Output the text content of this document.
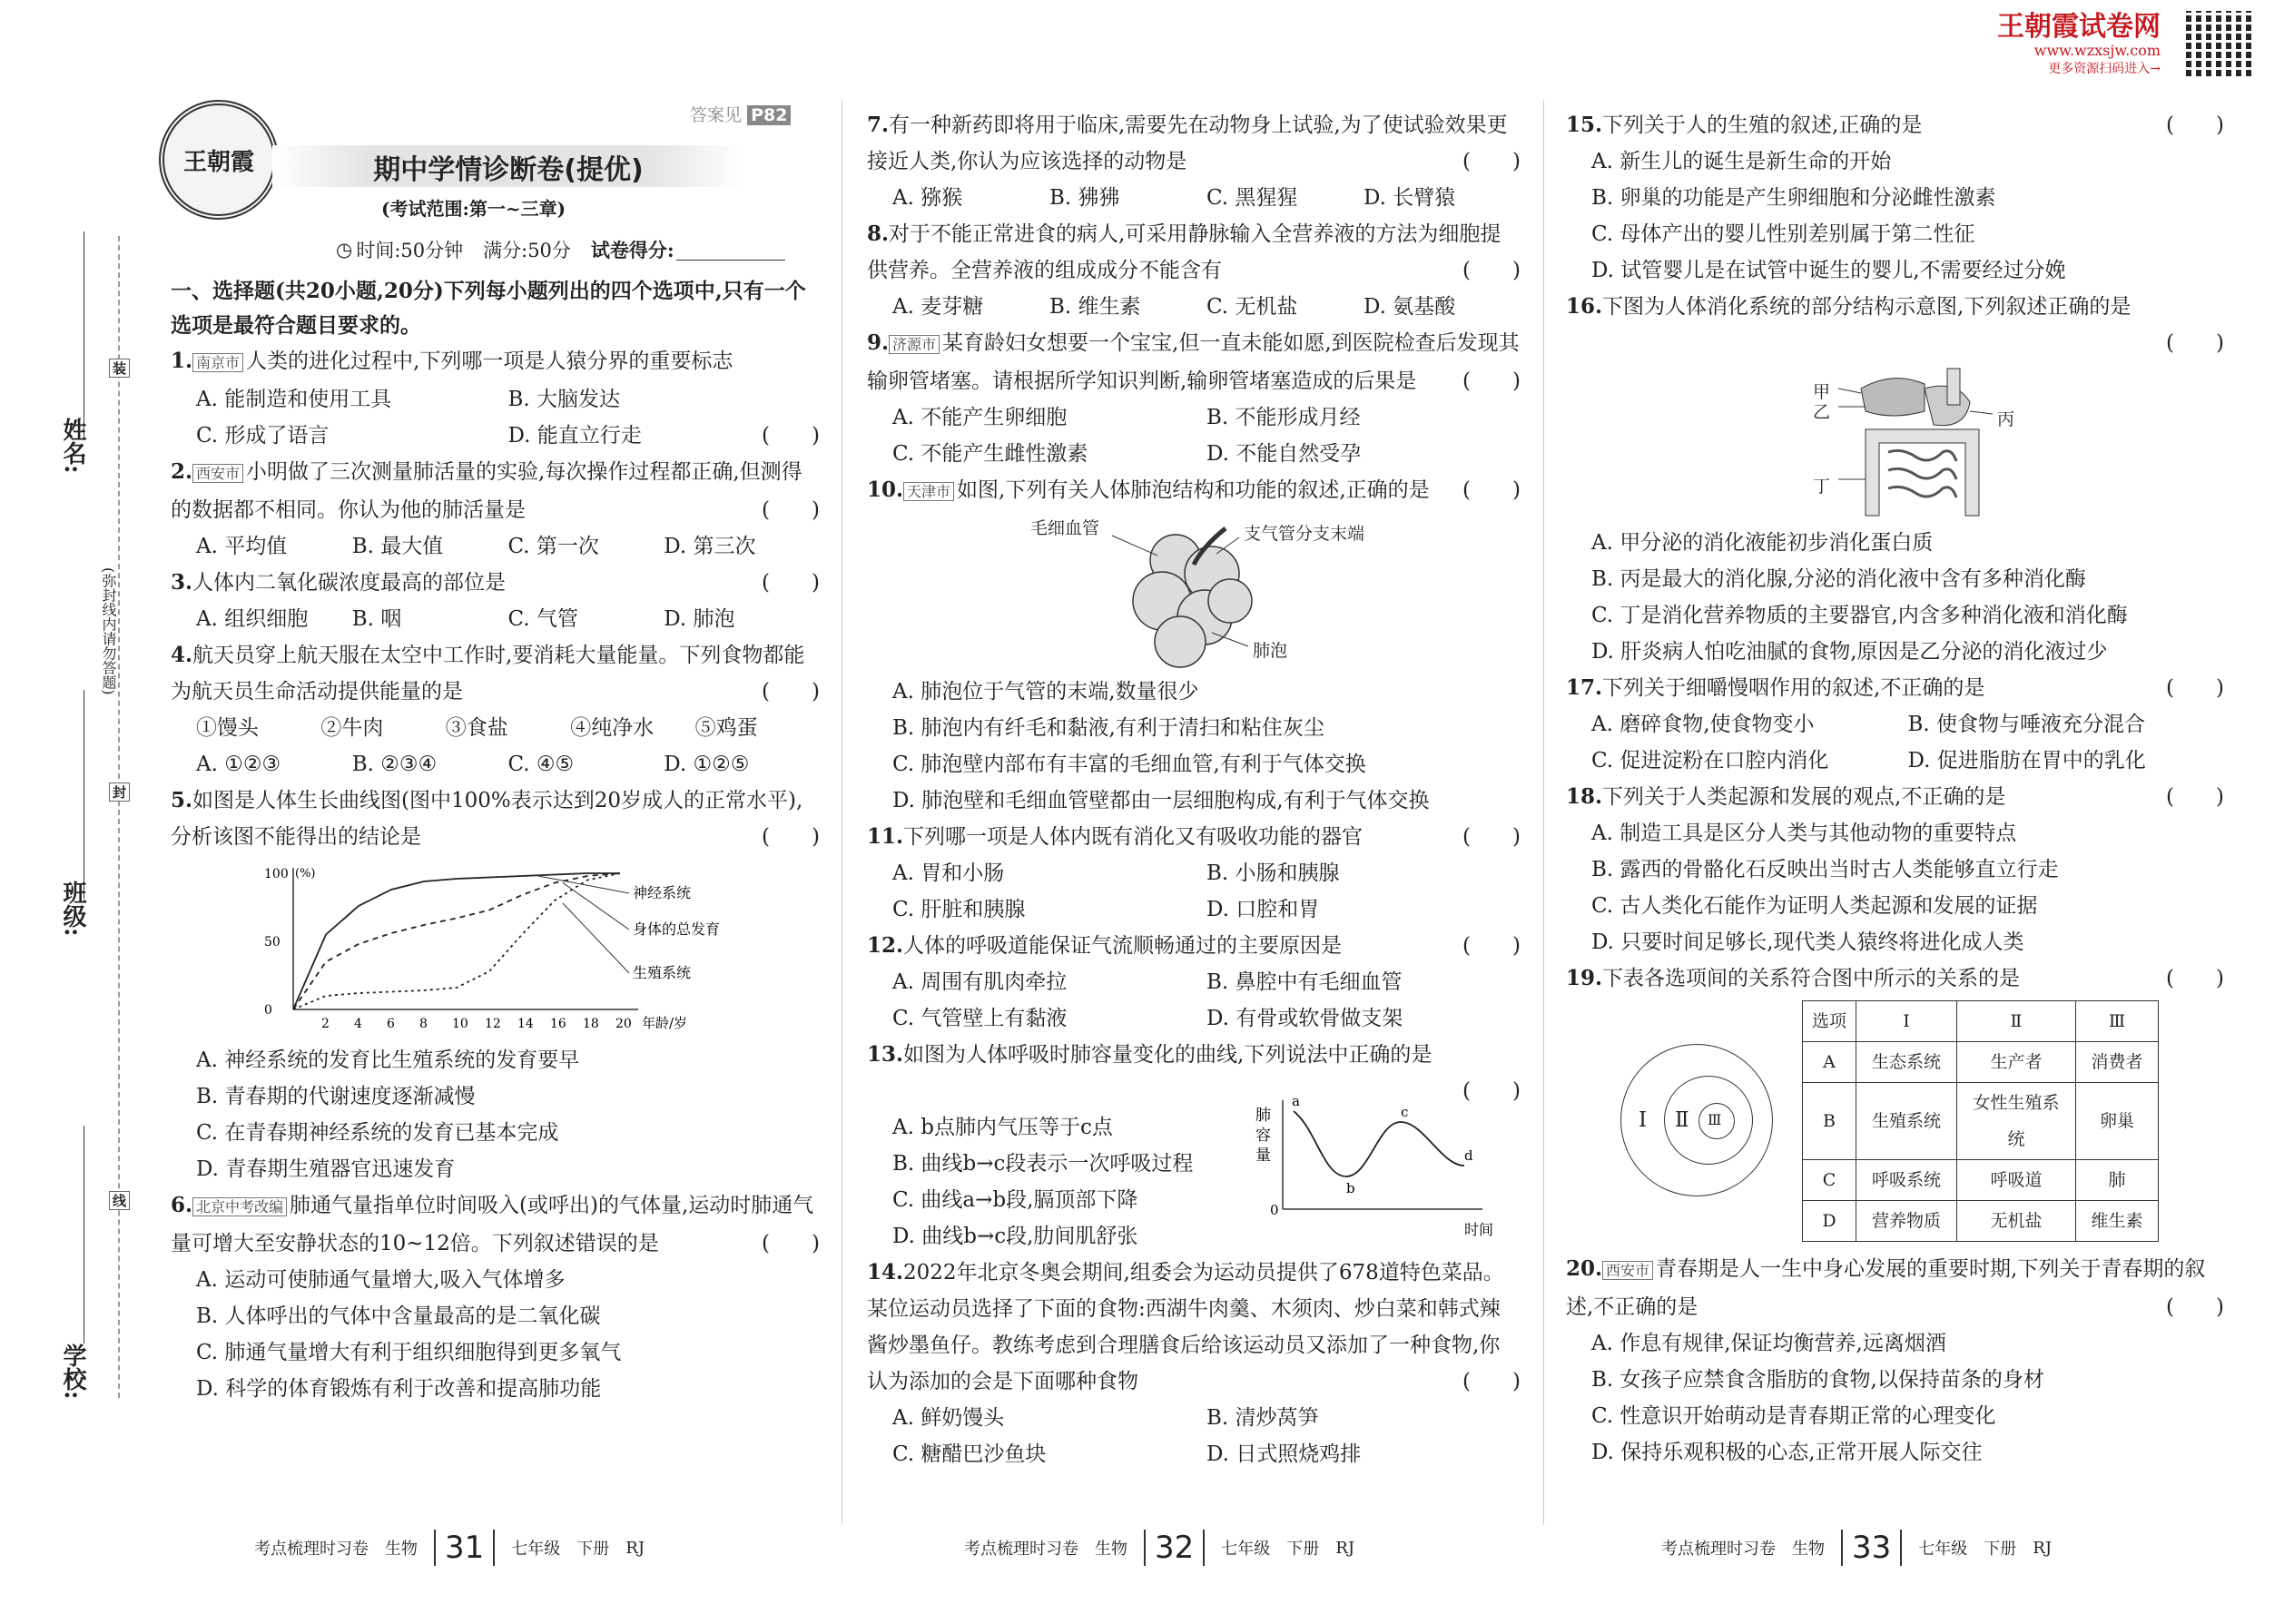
王朝霞试卷网
www.wzxsjw.com
更多资源扫码进入→
姓名:
班级:
学校:
(弥封线内请勿答题)
装
封
线
王朝霞
答案见 P82
期中学情诊断卷(提优)
(考试范围:第一~三章)
◷ 时间:50分钟 满分:50分 试卷得分:
一、选择题(共20小题,20分)下列每小题列出的四个选项中,只有一个选项是最符合题目要求的。
1. 南京市 人类的进化过程中,下列哪一项是人猿分界的重要标志
(　　)
A. 能制造和使用工具	B. 大脑发达
C. 形成了语言	D. 能直立行走
2. 西安市 小明做了三次测量肺活量的实验,每次操作过程都正确,但测得的数据都不相同。你认为他的肺活量是	(　　)
A. 平均值	B. 最大值	C. 第一次	D. 第三次
3.人体内二氧化碳浓度最高的部位是	(　　)
A. 组织细胞	B. 咽	C. 气管	D. 肺泡
4.航天员穿上航天服在太空中工作时,要消耗大量能量。下列食物都能为航天员生命活动提供能量的是	(　　)
①馒头	②牛肉	③食盐	④纯净水	⑤鸡蛋
A. ①②③	B. ②③④	C. ④⑤	D. ①②⑤
5.如图是人体生长曲线图(图中100%表示达到20岁成人的正常水平),分析该图不能得出的结论是	(　　)
(%)
年龄/岁
2 4 6 8 10 12 14 16 18 20
0
50
100
神经系统
身体的总发育
生殖系统
A. 神经系统的发育比生殖系统的发育要早
B. 青春期的代谢速度逐渐减慢
C. 在青春期神经系统的发育已基本完成
D. 青春期生殖器官迅速发育
6. 北京中考改编 肺通气量指单位时间吸入(或呼出)的气体量,运动时肺通气量可增大至安静状态的10~12倍。下列叙述错误的是	(　　)
A. 运动可使肺通气量增大,吸入气体增多
B. 人体呼出的气体中含量最高的是二氧化碳
C. 肺通气量增大有利于组织细胞得到更多氧气
D. 科学的体育锻炼有利于改善和提高肺功能
7.有一种新药即将用于临床,需要先在动物身上试验,为了使试验效果更接近人类,你认为应该选择的动物是	(　　)
A. 猕猴	B. 狒狒	C. 黑猩猩	D. 长臂猿
8.对于不能正常进食的病人,可采用静脉输入全营养液的方法为细胞提供营养。全营养液的组成成分不能含有	(　　)
A. 麦芽糖	B. 维生素	C. 无机盐	D. 氨基酸
9. 济源市 某育龄妇女想要一个宝宝,但一直未能如愿,到医院检查后发现其输卵管堵塞。请根据所学知识判断,输卵管堵塞造成的后果是 (　　)
A. 不能产生卵细胞	B. 不能形成月经
C. 不能产生雌性激素	D. 不能自然受孕
10. 天津市 如图,下列有关人体肺泡结构和功能的叙述,正确的是 (　　)
毛细血管	支气管分支末端
肺泡
A. 肺泡位于气管的末端,数量很少
B. 肺泡内有纤毛和黏液,有利于清扫和粘住灰尘
C. 肺泡壁内部布有丰富的毛细血管,有利于气体交换
D. 肺泡壁和毛细血管壁都由一层细胞构成,有利于气体交换
11.下列哪一项是人体内既有消化又有吸收功能的器官	(　　)
A. 胃和小肠	B. 小肠和胰腺
C. 肝脏和胰腺	D. 口腔和胃
12.人体的呼吸道能保证气流顺畅通过的主要原因是	(　　)
A. 周围有肌肉牵拉	B. 鼻腔中有毛细血管
C. 气管壁上有黏液	D. 有骨或软骨做支架
13.如图为人体呼吸时肺容量变化的曲线,下列说法中正确的是
(　　)
A. b点肺内气压等于c点
B. 曲线b→c段表示一次呼吸过程
C. 曲线a→b段,膈顶部下降
D. 曲线b→c段,肋间肌舒张
肺
容
量
0
时间
a
b
c
d
14.2022年北京冬奥会期间,组委会为运动员提供了678道特色菜品。某位运动员选择了下面的食物:西湖牛肉羹、木须肉、炒白菜和韩式辣酱炒墨鱼仔。教练考虑到合理膳食后给该运动员又添加了一种食物,你认为添加的会是下面哪种食物	(　　)
A. 鲜奶馒头	B. 清炒莴笋
C. 糖醋巴沙鱼块	D. 日式照烧鸡排
15.下列关于人的生殖的叙述,正确的是	(　　)
A. 新生儿的诞生是新生命的开始
B. 卵巢的功能是产生卵细胞和分泌雌性激素
C. 母体产出的婴儿性别差别属于第二性征
D. 试管婴儿是在试管中诞生的婴儿,不需要经过分娩
16.下图为人体消化系统的部分结构示意图,下列叙述正确的是
(　　)
甲
乙	丙
丁
A. 甲分泌的消化液能初步消化蛋白质
B. 丙是最大的消化腺,分泌的消化液中含有多种消化酶
C. 丁是消化营养物质的主要器官,内含多种消化液和消化酶
D. 肝炎病人怕吃油腻的食物,原因是乙分泌的消化液过少
17.下列关于细嚼慢咽作用的叙述,不正确的是	(　　)
A. 磨碎食物,使食物变小	B. 使食物与唾液充分混合
C. 促进淀粉在口腔内消化	D. 促进脂肪在胃中的乳化
18.下列关于人类起源和发展的观点,不正确的是	(　　)
A. 制造工具是区分人类与其他动物的重要特点
B. 露西的骨骼化石反映出当时古人类能够直立行走
C. 古人类化石能作为证明人类起源和发展的证据
D. 只要时间足够长,现代类人猿终将进化成人类
19.下表各选项间的关系符合图中所示的关系的是	(　　)
Ⅰ Ⅱ Ⅲ
选项	Ⅰ	Ⅱ	Ⅲ
A	生态系统	生产者	消费者
B	生殖系统	女性生殖系统	卵巢
C	呼吸系统	呼吸道	肺
D	营养物质	无机盐	维生素
20. 西安市 青春期是人一生中身心发展的重要时期,下列关于青春期的叙述,不正确的是	(　　)
A. 作息有规律,保证均衡营养,远离烟酒
B. 女孩子应禁食含脂肪的食物,以保持苗条的身材
C. 性意识开始萌动是青春期正常的心理变化
D. 保持乐观积极的心态,正常开展人际交往
考点梳理时习卷 生物 31	七年级 下册 RJ	考点梳理时习卷 生物 32	七年级 下册 RJ	考点梳理时习卷 生物 33	七年级 下册 RJ
